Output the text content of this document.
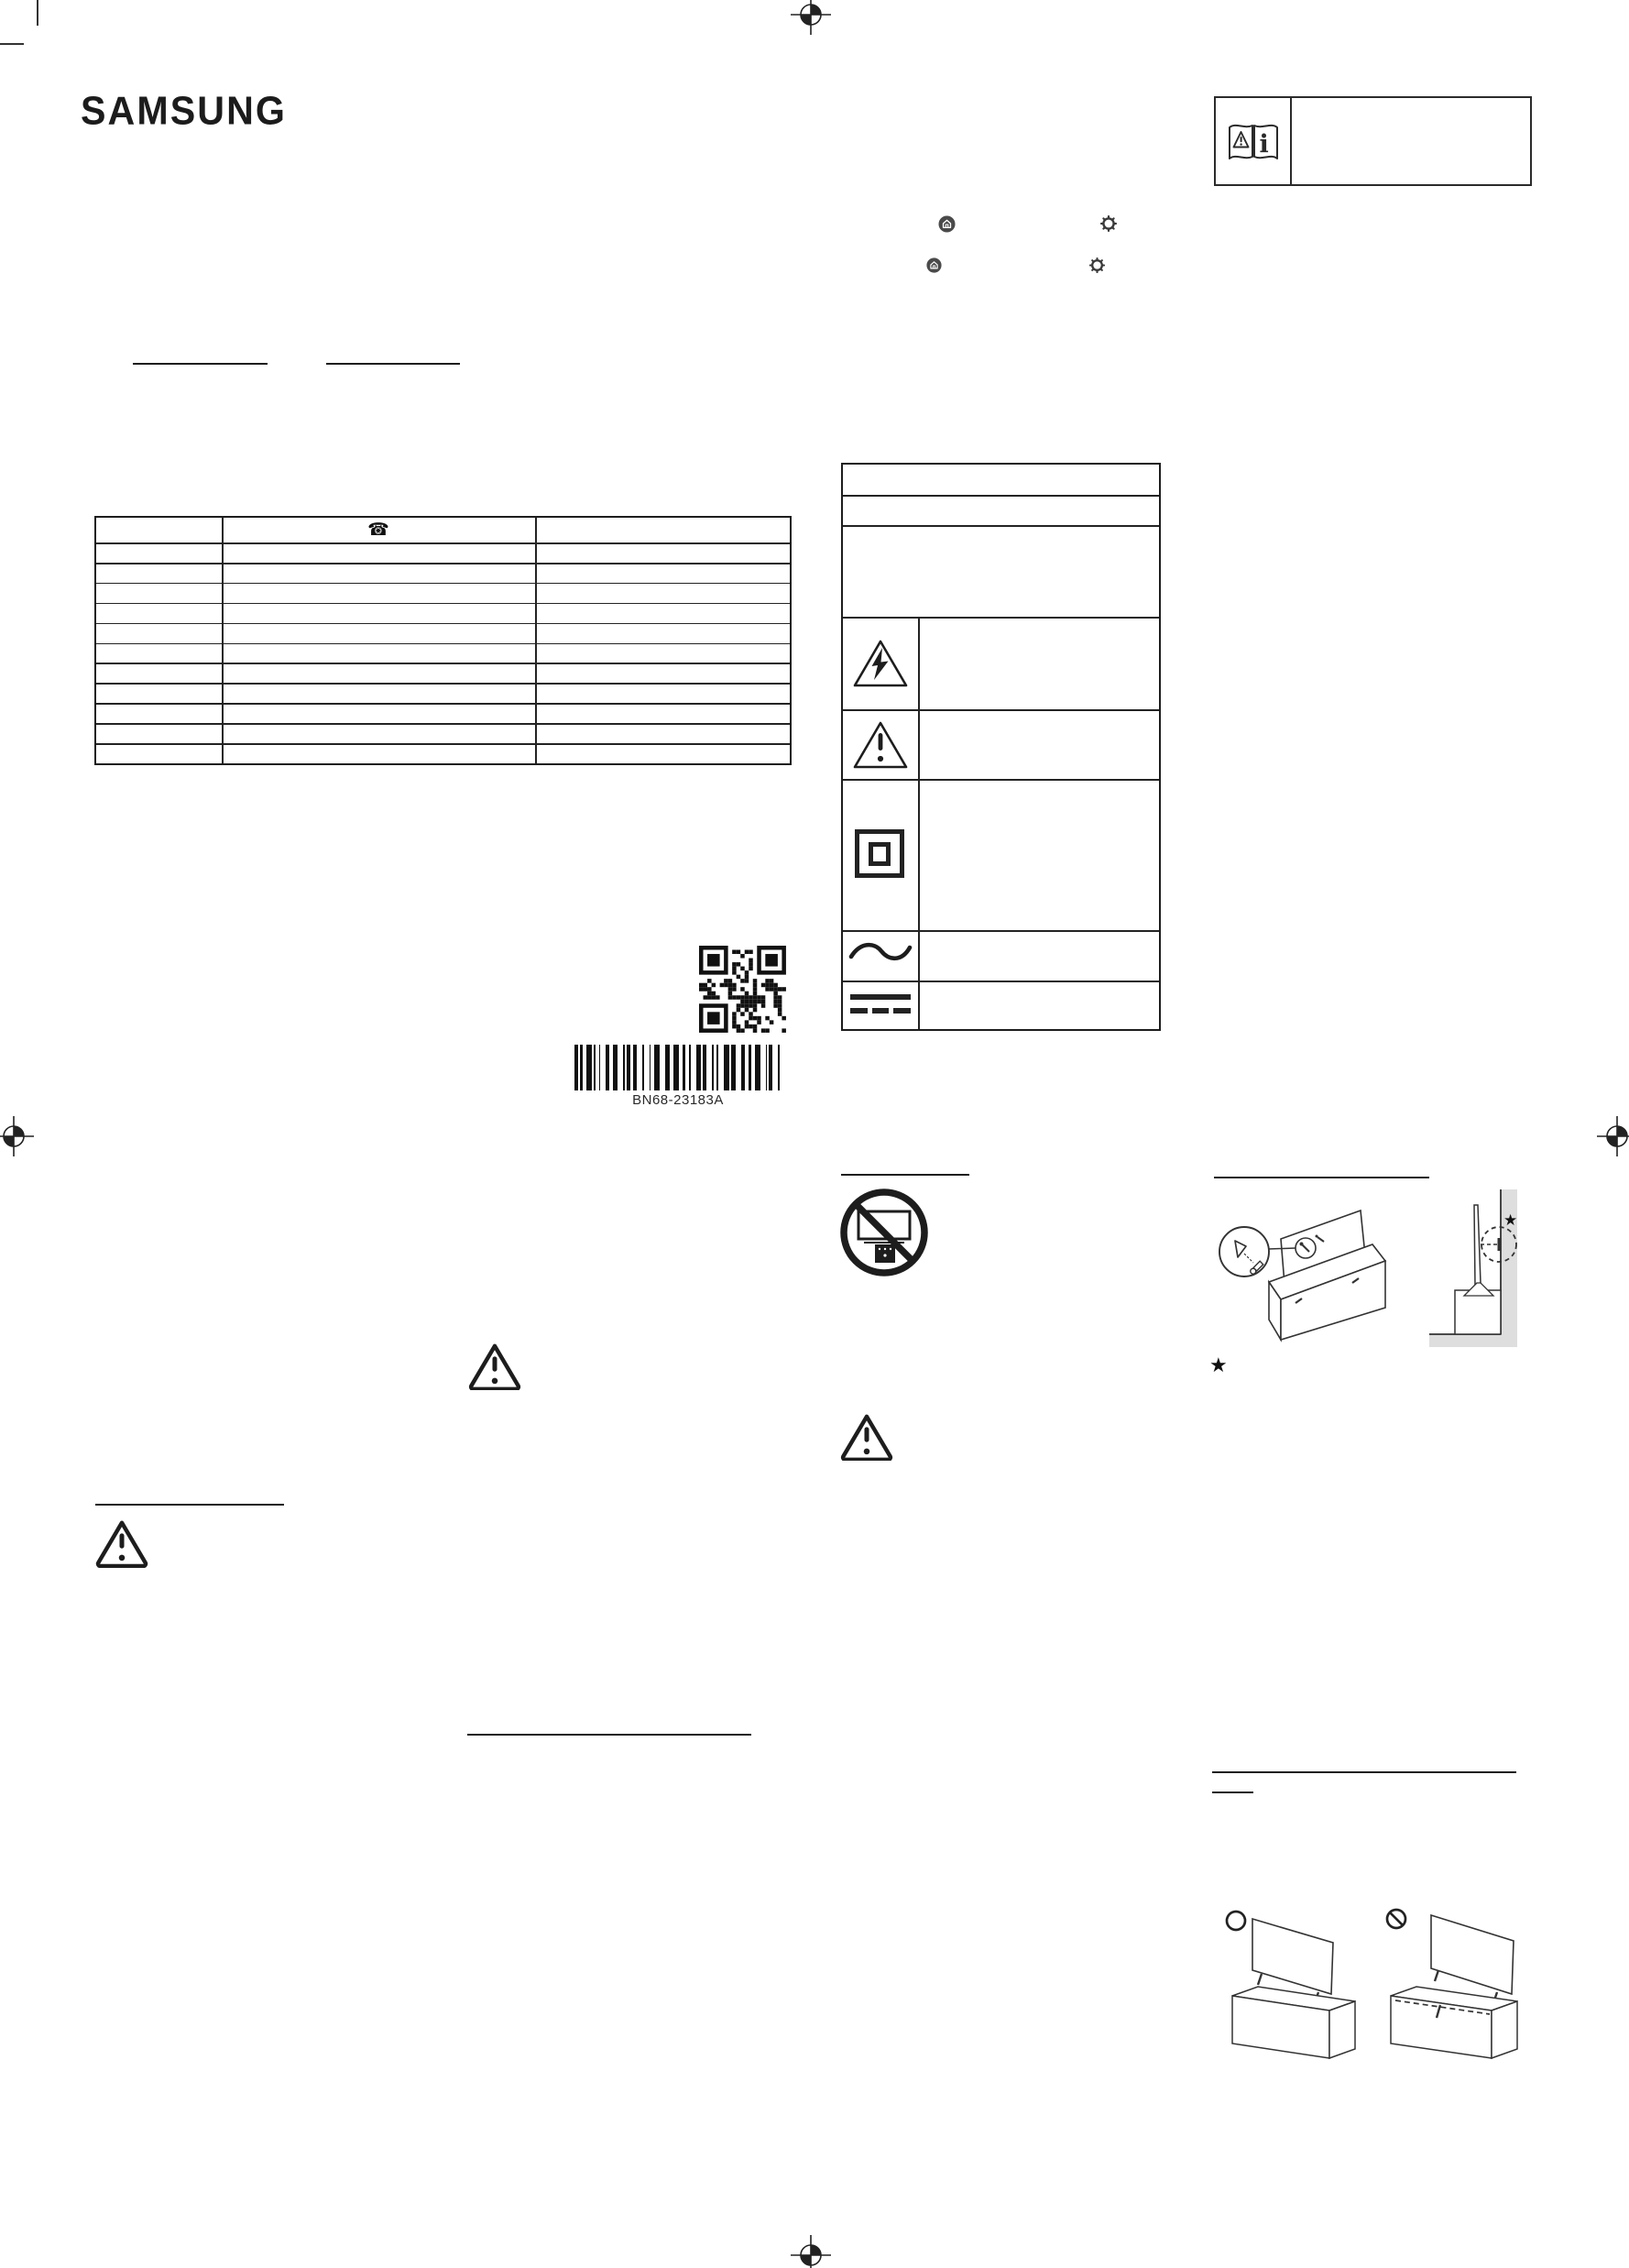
SAMSUNG
i
☎
BN68-23183A
★
★
